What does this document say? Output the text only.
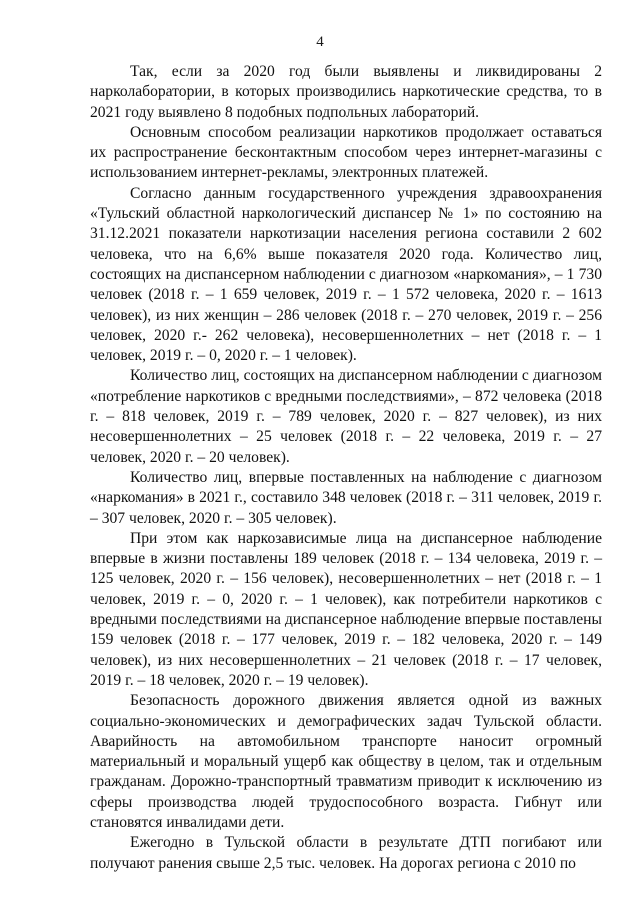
4

Так, если за 2020 год были выявлены и ликвидированы 2 нарколаборатории, в которых производились наркотические средства, то в 2021 году выявлено 8 подобных подпольных лабораторий.

Основным способом реализации наркотиков продолжает оставаться их распространение бесконтактным способом через интернет-магазины с использованием интернет-рекламы, электронных платежей.

Согласно данным государственного учреждения здравоохранения «Тульский областной наркологический диспансер № 1» по состоянию на 31.12.2021 показатели наркотизации населения региона составили 2 602 человека, что на 6,6% выше показателя 2020 года. Количество лиц, состоящих на диспансерном наблюдении с диагнозом «наркомания», – 1 730 человек (2018 г. – 1 659 человек, 2019 г. – 1 572 человека, 2020 г. – 1613 человек), из них женщин – 286 человек (2018 г. – 270 человек, 2019 г. – 256 человек, 2020 г.- 262 человека), несовершеннолетних – нет (2018 г. – 1 человек, 2019 г. – 0, 2020 г. – 1 человек).

Количество лиц, состоящих на диспансерном наблюдении с диагнозом «потребление наркотиков с вредными последствиями», – 872 человека (2018 г. – 818 человек, 2019 г. – 789 человек, 2020 г. – 827 человек), из них несовершеннолетних – 25 человек (2018 г. – 22 человека, 2019 г. – 27 человек, 2020 г. – 20 человек).

Количество лиц, впервые поставленных на наблюдение с диагнозом «наркомания» в 2021 г., составило 348 человек (2018 г. – 311 человек, 2019 г. – 307 человек, 2020 г. – 305 человек).

При этом как наркозависимые лица на диспансерное наблюдение впервые в жизни поставлены 189 человек (2018 г. – 134 человека, 2019 г. – 125 человек, 2020 г. – 156 человек), несовершеннолетних – нет (2018 г. – 1 человек, 2019 г. – 0, 2020 г. – 1 человек), как потребители наркотиков с вредными последствиями на диспансерное наблюдение впервые поставлены 159 человек (2018 г. – 177 человек, 2019 г. – 182 человека, 2020 г. – 149 человек), из них несовершеннолетних – 21 человек (2018 г. – 17 человек, 2019 г. – 18 человек, 2020 г. – 19 человек).

Безопасность дорожного движения является одной из важных социально-экономических и демографических задач Тульской области. Аварийность на автомобильном транспорте наносит огромный материальный и моральный ущерб как обществу в целом, так и отдельным гражданам. Дорожно-транспортный травматизм приводит к исключению из сферы производства людей трудоспособного возраста. Гибнут или становятся инвалидами дети.

Ежегодно в Тульской области в результате ДТП погибают или получают ранения свыше 2,5 тыс. человек. На дорогах региона с 2010 по
